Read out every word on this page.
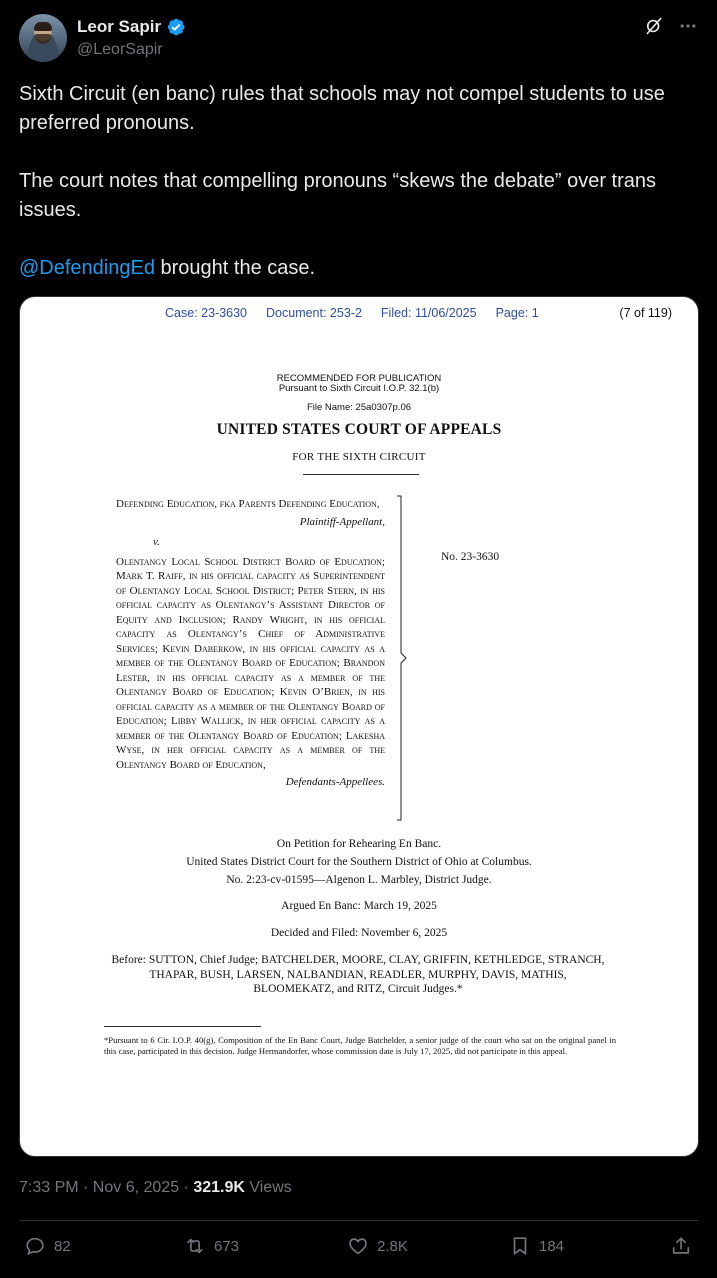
Leor Sapir
@LeorSapir

Sixth Circuit (en banc) rules that schools may not compel students to use preferred pronouns.

The court notes that compelling pronouns “skews the debate” over trans issues.

@DefendingEd brought the case.

Case: 23-3630 Document: 253-2 Filed: 11/06/2025 Page: 1	(7 of 119)
RECOMMENDED FOR PUBLICATION
Pursuant to Sixth Circuit I.O.P. 32.1(b)
File Name: 25a0307p.06
UNITED STATES COURT OF APPEALS
FOR THE SIXTH CIRCUIT
Defending Education, fka Parents Defending Education,
Plaintiff-Appellant,
v.
Olentangy Local School District Board of Education; Mark T. Raiff, in his official capacity as Superintendent of Olentangy Local School District; Peter Stern, in his official capacity as Olentangy’s Assistant Director of Equity and Inclusion; Randy Wright, in his official capacity as Olentangy’s Chief of Administrative Services; Kevin Daberkow, in his official capacity as a member of the Olentangy Board of Education; Brandon Lester, in his official capacity as a member of the Olentangy Board of Education; Kevin O’Brien, in his official capacity as a member of the Olentangy Board of Education; Libby Wallick, in her official capacity as a member of the Olentangy Board of Education; Lakesha Wyse, in her official capacity as a member of the Olentangy Board of Education,
Defendants-Appellees.
No. 23-3630
On Petition for Rehearing En Banc.
United States District Court for the Southern District of Ohio at Columbus.
No. 2:23-cv-01595—Algenon L. Marbley, District Judge.
Argued En Banc: March 19, 2025
Decided and Filed: November 6, 2025
Before: SUTTON, Chief Judge; BATCHELDER, MOORE, CLAY, GRIFFIN, KETHLEDGE, STRANCH, THAPAR, BUSH, LARSEN, NALBANDIAN, READLER, MURPHY, DAVIS, MATHIS, BLOOMEKATZ, and RITZ, Circuit Judges.*
*Pursuant to 6 Cir. I.O.P. 40(g), Composition of the En Banc Court, Judge Batchelder, a senior judge of the court who sat on the original panel in this case, participated in this decision. Judge Hermandorfer, whose commission date is July 17, 2025, did not participate in this appeal.
7:33 PM · Nov 6, 2025 · 321.9K Views
82	673	2.8K	184
